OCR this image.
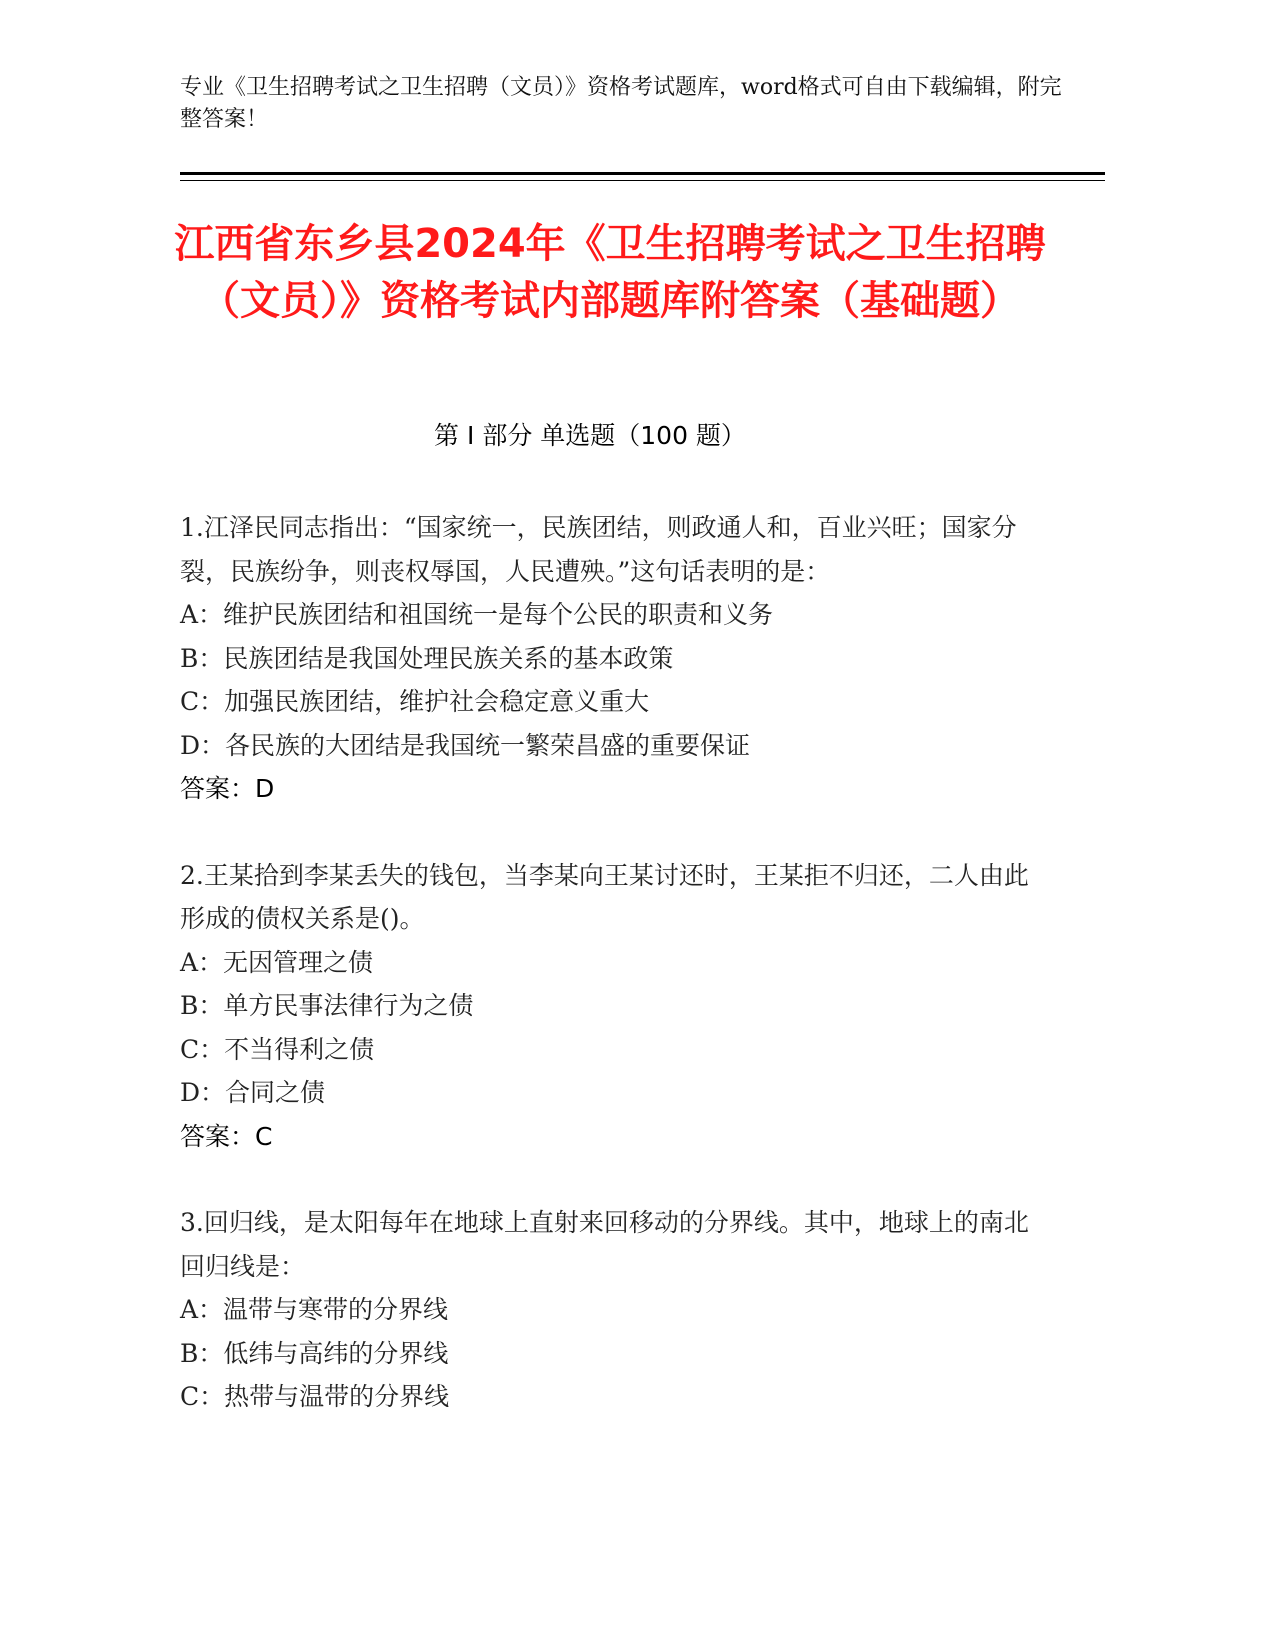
专业《卫生招聘考试之卫生招聘（文员）》资格考试题库，word格式可自由下载编辑，附完整答案！
江西省东乡县2024年《卫生招聘考试之卫生招聘（文员）》资格考试内部题库附答案（基础题）
第 I 部分 单选题（100 题）

1.江泽民同志指出：“国家统一，民族团结，则政通人和，百业兴旺；国家分裂，民族纷争，则丧权辱国，人民遭殃。”这句话表明的是：

A：维护民族团结和祖国统一是每个公民的职责和义务

B：民族团结是我国处理民族关系的基本政策

C：加强民族团结，维护社会稳定意义重大

D：各民族的大团结是我国统一繁荣昌盛的重要保证

答案：D

2.王某拾到李某丢失的钱包，当李某向王某讨还时，王某拒不归还，二人由此形成的债权关系是()。

A：无因管理之债

B：单方民事法律行为之债

C：不当得利之债

D：合同之债

答案：C

3.回归线，是太阳每年在地球上直射来回移动的分界线。其中，地球上的南北回归线是：

A：温带与寒带的分界线

B：低纬与高纬的分界线

C：热带与温带的分界线
